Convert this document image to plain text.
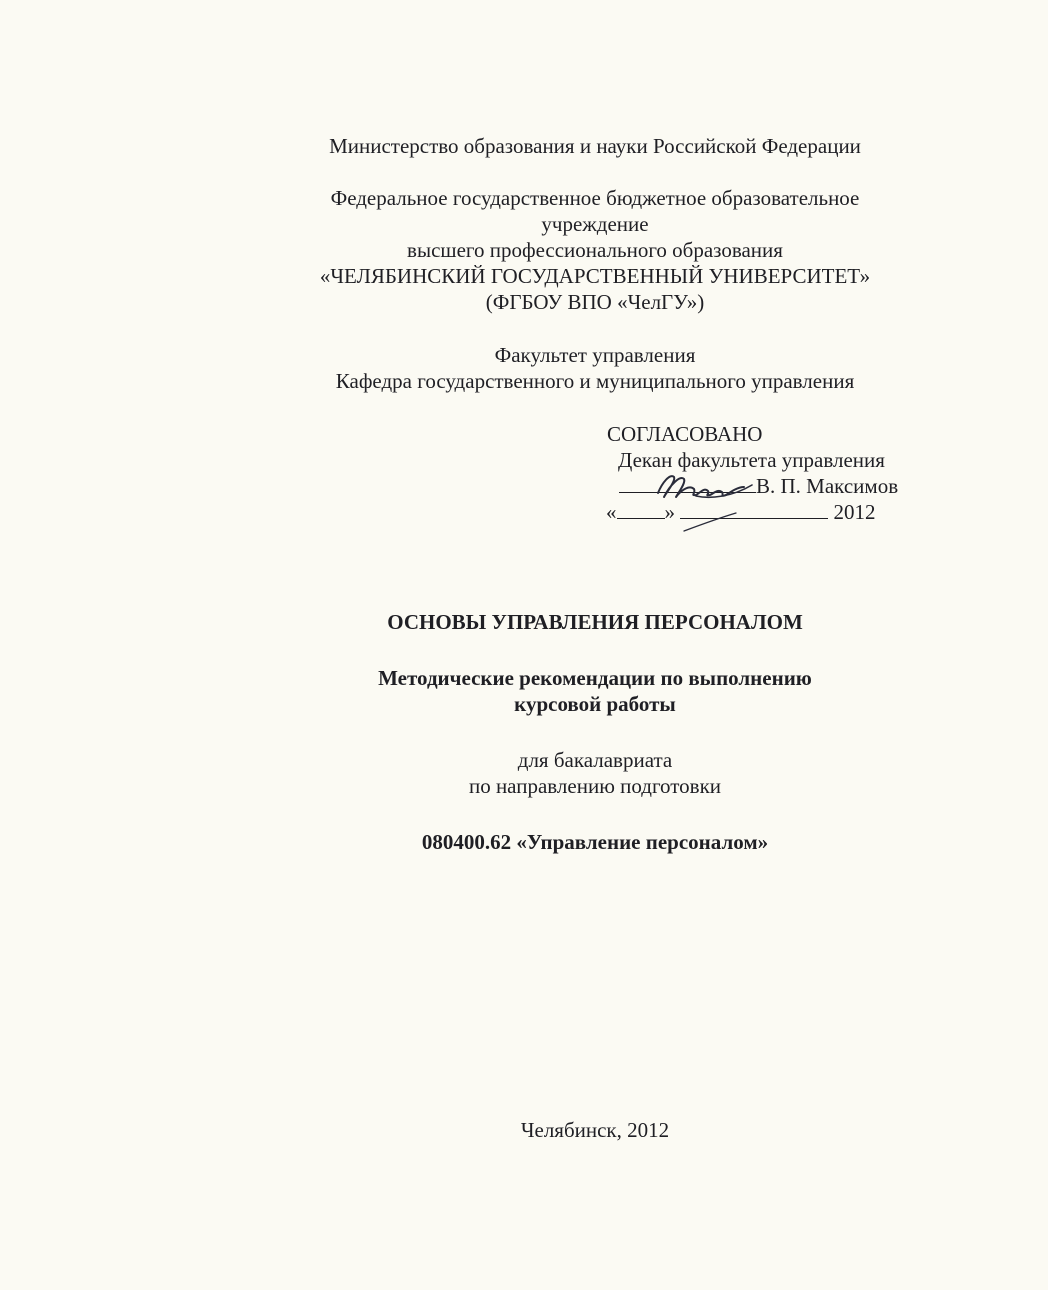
Министерство образования и науки Российской Федерации
Федеральное государственное бюджетное образовательное
учреждение
высшего профессионального образования
«ЧЕЛЯБИНСКИЙ ГОСУДАРСТВЕННЫЙ УНИВЕРСИТЕТ»
(ФГБОУ ВПО «ЧелГУ»)
Факультет управления
Кафедра государственного и муниципального управления
СОГЛАСОВАНО
Декан факультета управления
В. П. Максимов
« »	2012
ОСНОВЫ УПРАВЛЕНИЯ ПЕРСОНАЛОМ
Методические рекомендации по выполнению
курсовой работы
для бакалавриата
по направлению подготовки
080400.62 «Управление персоналом»
Челябинск, 2012
